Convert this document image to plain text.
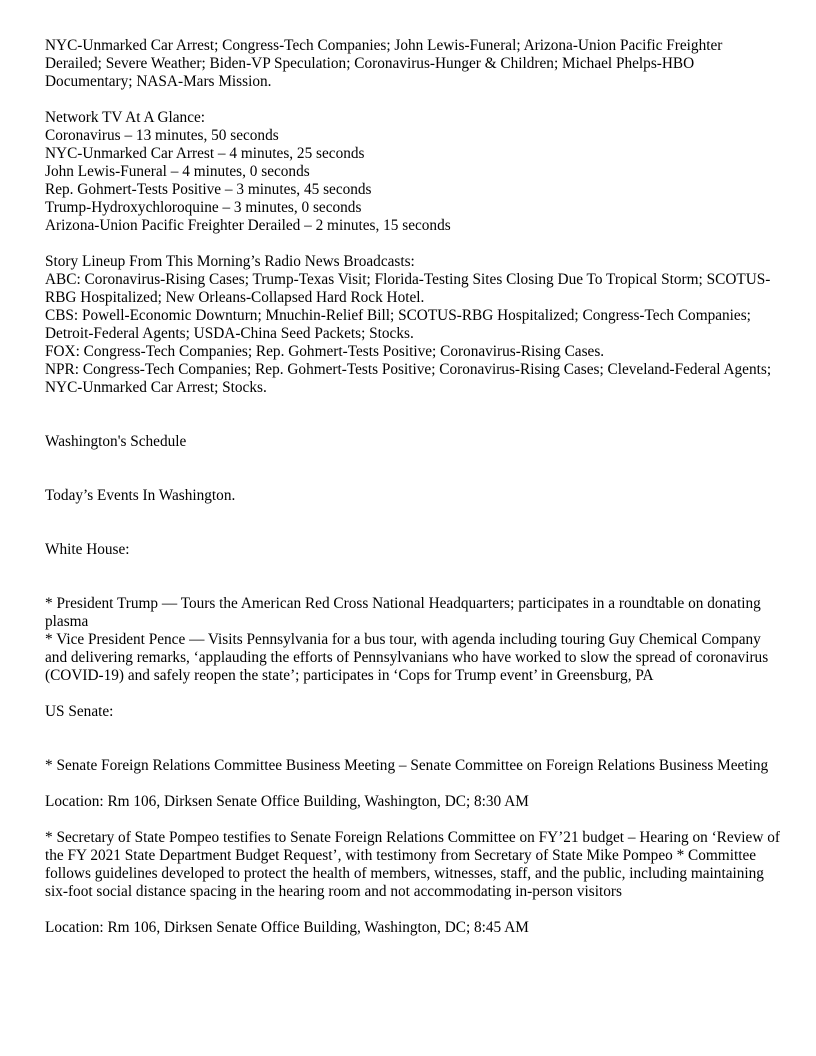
NYC-Unmarked Car Arrest; Congress-Tech Companies; John Lewis-Funeral; Arizona-Union Pacific Freighter Derailed; Severe Weather; Biden-VP Speculation; Coronavirus-Hunger & Children; Michael Phelps-HBO Documentary; NASA-Mars Mission.

Network TV At A Glance:

Coronavirus – 13 minutes, 50 seconds

NYC-Unmarked Car Arrest – 4 minutes, 25 seconds

John Lewis-Funeral – 4 minutes, 0 seconds

Rep. Gohmert-Tests Positive – 3 minutes, 45 seconds

Trump-Hydroxychloroquine – 3 minutes, 0 seconds

Arizona-Union Pacific Freighter Derailed – 2 minutes, 15 seconds

Story Lineup From This Morning’s Radio News Broadcasts:

ABC: Coronavirus-Rising Cases; Trump-Texas Visit; Florida-Testing Sites Closing Due To Tropical Storm; SCOTUS-RBG Hospitalized; New Orleans-Collapsed Hard Rock Hotel.

CBS: Powell-Economic Downturn; Mnuchin-Relief Bill; SCOTUS-RBG Hospitalized; Congress-Tech Companies; Detroit-Federal Agents; USDA-China Seed Packets; Stocks.

FOX: Congress-Tech Companies; Rep. Gohmert-Tests Positive; Coronavirus-Rising Cases.

NPR: Congress-Tech Companies; Rep. Gohmert-Tests Positive; Coronavirus-Rising Cases; Cleveland-Federal Agents; NYC-Unmarked Car Arrest; Stocks.

Washington's Schedule

Today’s Events In Washington.

White House:

* President Trump — Tours the American Red Cross National Headquarters; participates in a roundtable on donating plasma

* Vice President Pence — Visits Pennsylvania for a bus tour, with agenda including touring Guy Chemical Company and delivering remarks, ‘applauding the efforts of Pennsylvanians who have worked to slow the spread of coronavirus (COVID-19) and safely reopen the state’; participates in ‘Cops for Trump event’ in Greensburg, PA

US Senate:

* Senate Foreign Relations Committee Business Meeting – Senate Committee on Foreign Relations Business Meeting

Location: Rm 106, Dirksen Senate Office Building, Washington, DC; 8:30 AM

* Secretary of State Pompeo testifies to Senate Foreign Relations Committee on FY’21 budget – Hearing on ‘Review of the FY 2021 State Department Budget Request’, with testimony from Secretary of State Mike Pompeo * Committee follows guidelines developed to protect the health of members, witnesses, staff, and the public, including maintaining six-foot social distance spacing in the hearing room and not accommodating in-person visitors

Location: Rm 106, Dirksen Senate Office Building, Washington, DC; 8:45 AM
